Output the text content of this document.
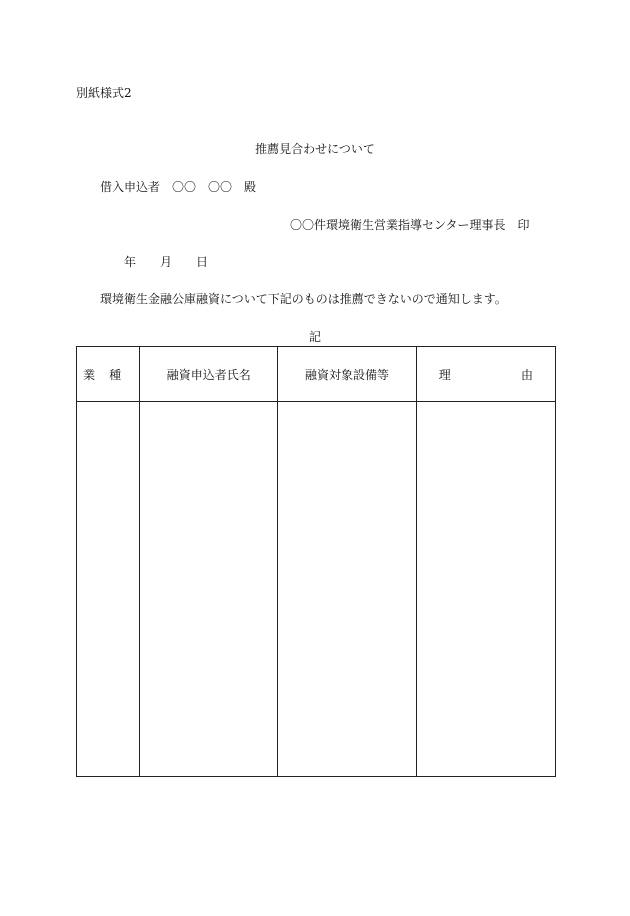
別紙様式2
推薦見合わせについて
借入申込者　〇〇　〇〇　殿
〇〇件環境衛生営業指導センター理事長　印
年 月 日
環境衛生金融公庫融資について下記のものは推薦できないので通知します。
記
業 種	融資申込者氏名	融資対象設備等	理 由
